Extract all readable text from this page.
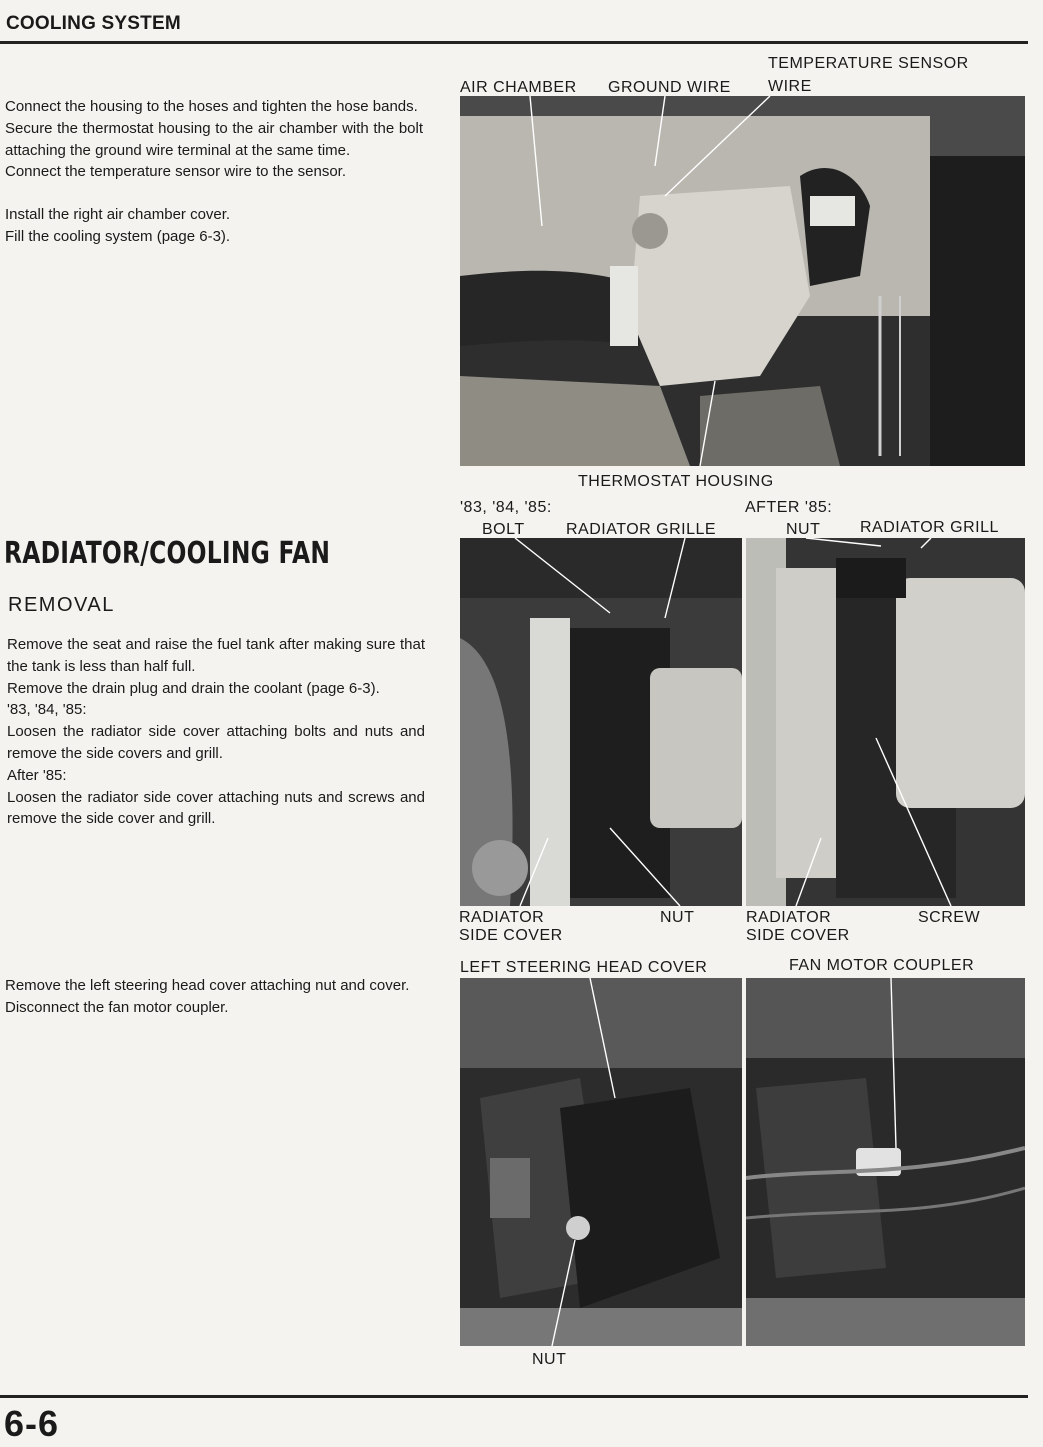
COOLING SYSTEM

Connect the housing to the hoses and tighten the hose bands.

Secure the thermostat housing to the air chamber with the bolt attaching the ground wire terminal at the same time.

Connect the temperature sensor wire to the sensor.

Install the right air chamber cover.

Fill the cooling system (page 6-3).

TEMPERATURE SENSOR
AIR CHAMBER GROUND WIRE WIRE
THERMOSTAT HOUSING
RADIATOR/COOLING FAN
REMOVAL

Remove the seat and raise the fuel tank after making sure that the tank is less than half full.

Remove the drain plug and drain the coolant (page 6-3).

'83, '84, '85:

Loosen the radiator side cover attaching bolts and nuts and remove the side covers and grill.

After '85:

Loosen the radiator side cover attaching nuts and screws and remove the side cover and grill.

Remove the left steering head cover attaching nut and cover.

Disconnect the fan motor coupler.

'83, '84, '85:
BOLT	RADIATOR GRILLE
AFTER '85:
NUT RADIATOR GRILL
RADIATOR
SIDE COVER
NUT	RADIATOR
SIDE COVER
SCREW
LEFT STEERING HEAD COVER	FAN MOTOR COUPLER
NUT
6-6
